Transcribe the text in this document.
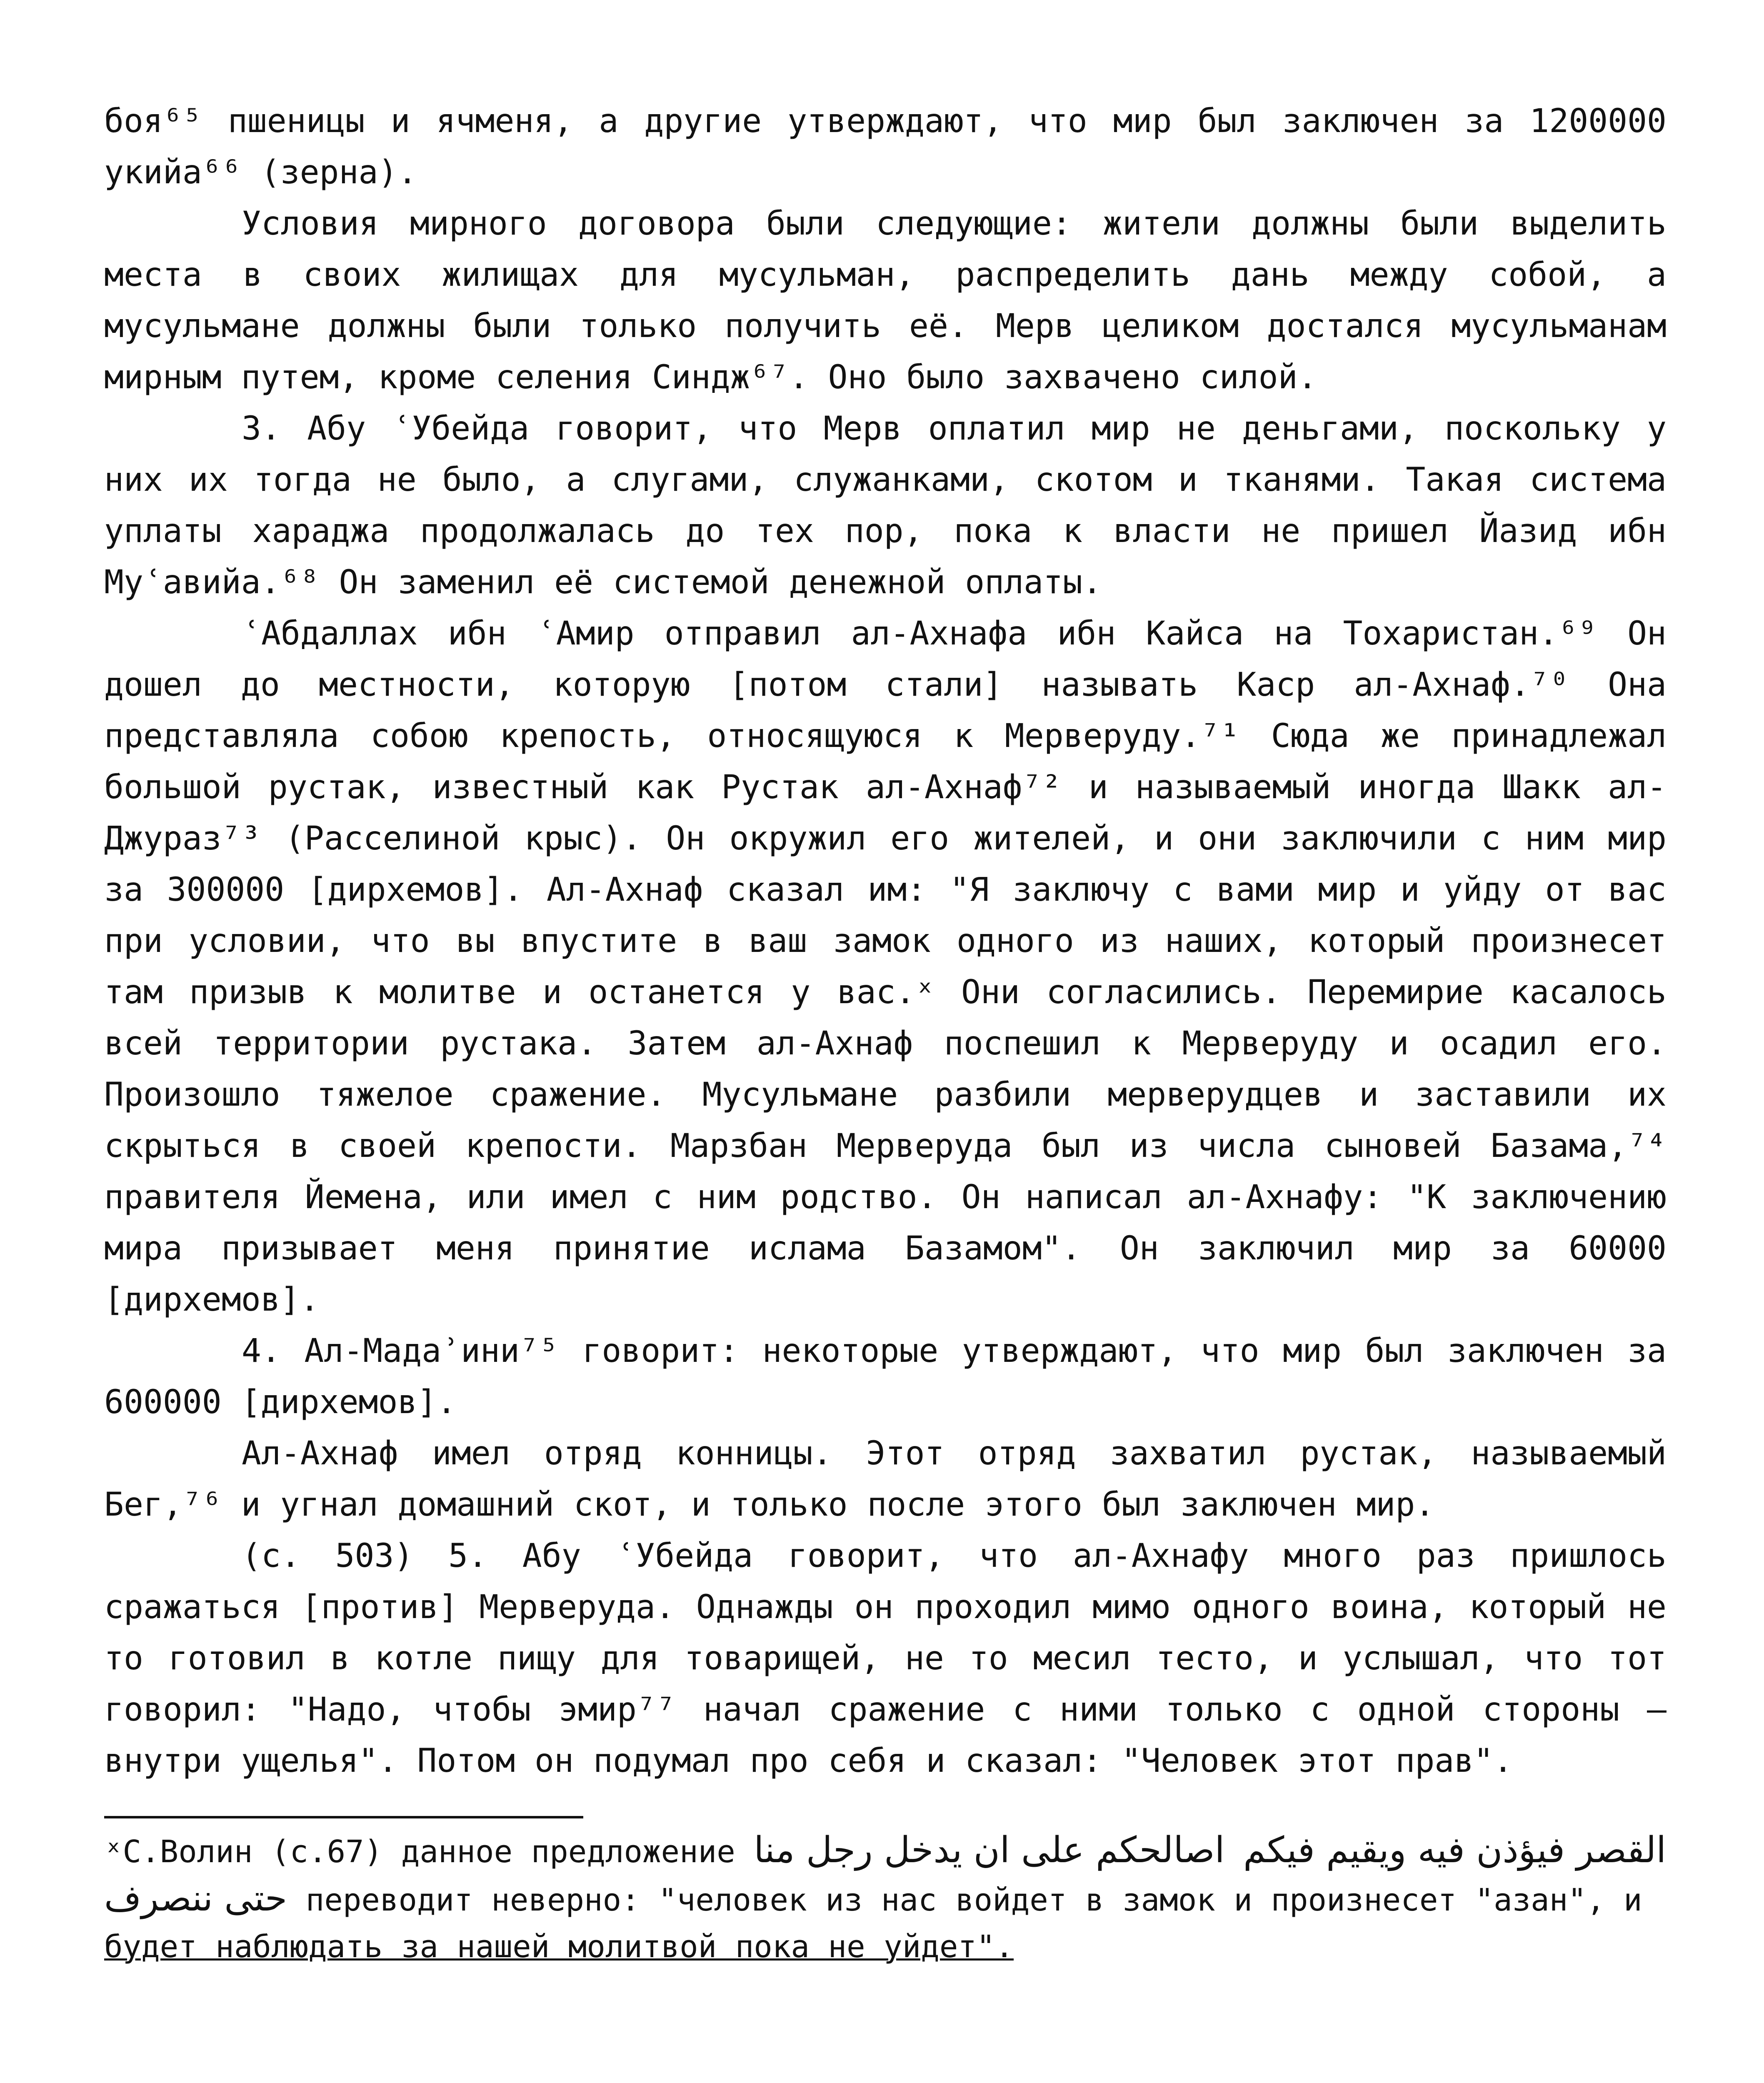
боя⁶⁵ пшеницы и ячменя, а другие утверждают, что мир был заключен за 1200000 укийа⁶⁶ (зерна).

Условия мирного договора были следующие: жители должны были выделить места в своих жилищах для мусульман, распределить дань между собой, а мусульмане должны были только получить её. Мерв целиком достался мусульманам мирным путем, кроме селения Синдж⁶⁷. Оно было захвачено силой.

3. Абу ʿУбейда говорит, что Мерв оплатил мир не деньгами, поскольку у них их тогда не было, а слугами, служанками, скотом и тканями. Такая система уплаты хараджа продолжалась до тех пор, пока к власти не пришел Йазид ибн Муʿавийа.⁶⁸ Он заменил её системой денежной оплаты.

ʿАбдаллах ибн ʿАмир отправил ал-Ахнафа ибн Кайса на Тохаристан.⁶⁹ Он дошел до местности, которую [потом стали] называть Каср ал-Ахнаф.⁷⁰ Она представляла собою крепость, относящуюся к Мерверуду.⁷¹ Сюда же принадлежал большой рустак, известный как Рустак ал-Ахнаф⁷² и называемый иногда Шакк ал-Джураз⁷³ (Расселиной крыс). Он окружил его жителей, и они заключили с ним мир за 300000 [дирхемов]. Ал-Ахнаф сказал им: "Я заключу с вами мир и уйду от вас при условии, что вы впустите в ваш замок одного из наших, который произнесет там призыв к молитве и останется у вас.ˣ Они согласились. Перемирие касалось всей территории рустака. Затем ал-Ахнаф поспешил к Мерверуду и осадил его. Произошло тяжелое сражение. Мусульмане разбили мерверудцев и заставили их скрыться в своей крепости. Марзбан Мерверуда был из числа сыновей Базама,⁷⁴ правителя Йемена, или имел с ним родство. Он написал ал-Ахнафу: "К заключению мира призывает меня принятие ислама Базамом". Он заключил мир за 60000 [дирхемов].

4. Ал-Мадаʾини⁷⁵ говорит: некоторые утверждают, что мир был заключен за 600000 [дирхемов].

Ал-Ахнаф имел отряд конницы. Этот отряд захватил рустак, называемый Бег,⁷⁶ и угнал домашний скот, и только после этого был заключен мир.

(с. 503) 5. Абу ʿУбейда говорит, что ал-Ахнафу много раз пришлось сражаться [против] Мерверуда. Однажды он проходил мимо одного воина, который не то готовил в котле пищу для товарищей, не то месил тесто, и услышал, что тот говорил: "Надо, чтобы эмир⁷⁷ начал сражение с ними только с одной стороны – внутри ущелья". Потом он подумал про себя и сказал: "Человек этот прав".

ˣС.Волин (с.67) данное предложение اصالحكم على ان يدخل رجل منا القصر فيؤذن فيه ويقيم فيكم حتى ننصرف переводит неверно: "человек из нас войдет в замок и произнесет "азан", и будет наблюдать за нашей молитвой пока не уйдет".
